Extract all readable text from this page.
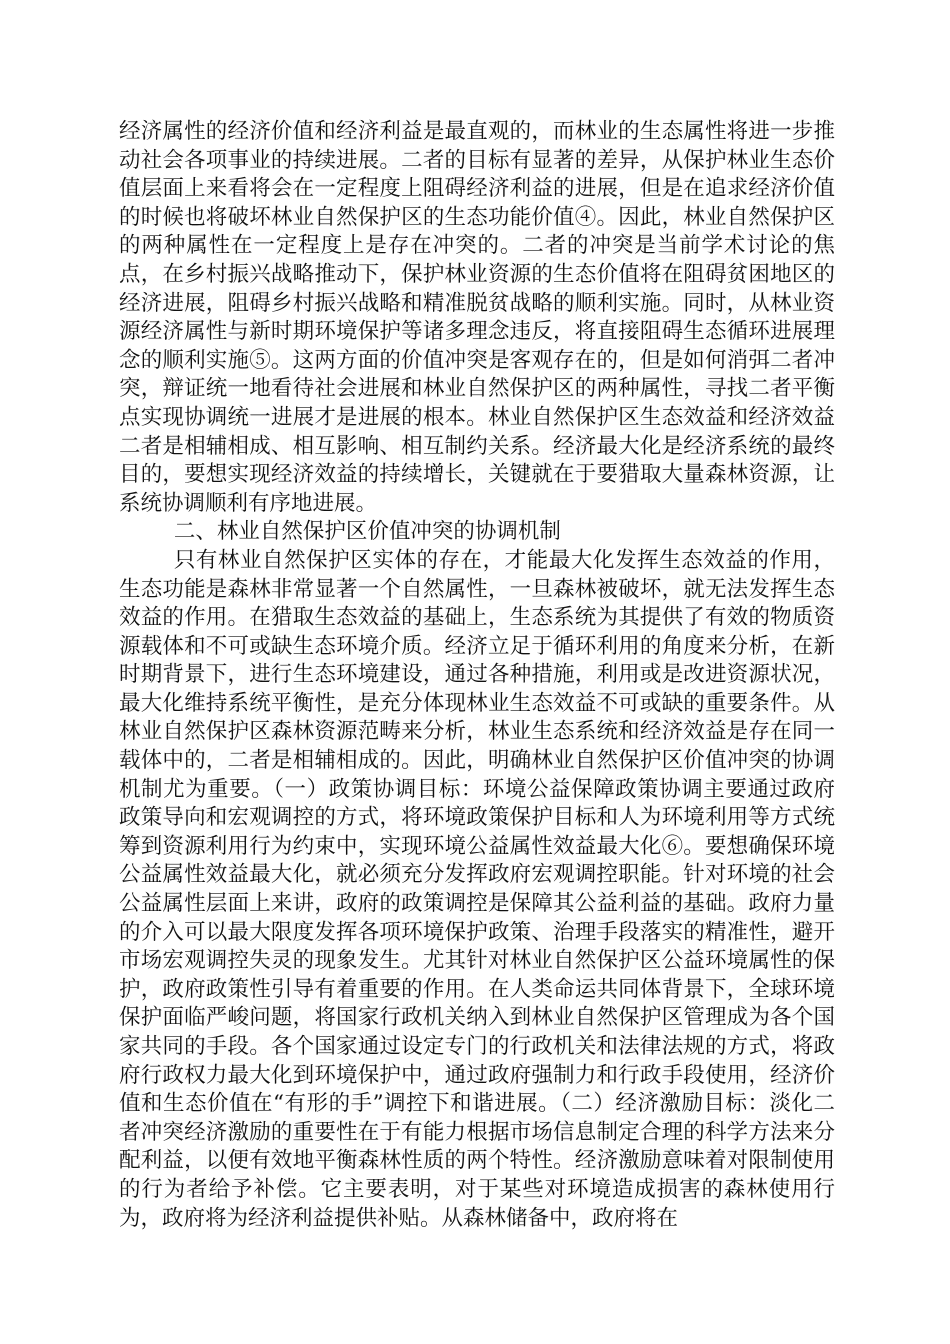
经济属性的经济价值和经济利益是最直观的，而林业的生态属性将进一步推动社会各项事业的持续进展。二者的目标有显著的差异，从保护林业生态价值层面上来看将会在一定程度上阻碍经济利益的进展，但是在追求经济价值的时候也将破坏林业自然保护区的生态功能价值④。因此，林业自然保护区的两种属性在一定程度上是存在冲突的。二者的冲突是当前学术讨论的焦点，在乡村振兴战略推动下，保护林业资源的生态价值将在阻碍贫困地区的经济进展，阻碍乡村振兴战略和精准脱贫战略的顺利实施。同时，从林业资源经济属性与新时期环境保护等诸多理念违反，将直接阻碍生态循环进展理念的顺利实施⑤。这两方面的价值冲突是客观存在的，但是如何消弭二者冲突，辩证统一地看待社会进展和林业自然保护区的两种属性，寻找二者平衡点实现协调统一进展才是进展的根本。林业自然保护区生态效益和经济效益二者是相辅相成、相互影响、相互制约关系。经济最大化是经济系统的最终目的，要想实现经济效益的持续增长，关键就在于要猎取大量森林资源，让系统协调顺利有序地进展。

二、林业自然保护区价值冲突的协调机制

只有林业自然保护区实体的存在，才能最大化发挥生态效益的作用，生态功能是森林非常显著一个自然属性，一旦森林被破坏，就无法发挥生态效益的作用。在猎取生态效益的基础上，生态系统为其提供了有效的物质资源载体和不可或缺生态环境介质。经济立足于循环利用的角度来分析，在新时期背景下，进行生态环境建设，通过各种措施，利用或是改进资源状况，最大化维持系统平衡性，是充分体现林业生态效益不可或缺的重要条件。从林业自然保护区森林资源范畴来分析，林业生态系统和经济效益是存在同一载体中的，二者是相辅相成的。因此，明确林业自然保护区价值冲突的协调机制尤为重要。（一）政策协调目标：环境公益保障政策协调主要通过政府政策导向和宏观调控的方式，将环境政策保护目标和人为环境利用等方式统筹到资源利用行为约束中，实现环境公益属性效益最大化⑥。要想确保环境公益属性效益最大化，就必须充分发挥政府宏观调控职能。针对环境的社会公益属性层面上来讲，政府的政策调控是保障其公益利益的基础。政府力量的介入可以最大限度发挥各项环境保护政策、治理手段落实的精准性，避开市场宏观调控失灵的现象发生。尤其针对林业自然保护区公益环境属性的保护，政府政策性引导有着重要的作用。在人类命运共同体背景下，全球环境保护面临严峻问题，将国家行政机关纳入到林业自然保护区管理成为各个国家共同的手段。各个国家通过设定专门的行政机关和法律法规的方式，将政府行政权力最大化到环境保护中，通过政府强制力和行政手段使用，经济价值和生态价值在“有形的手”调控下和谐进展。（二）经济激励目标：淡化二者冲突经济激励的重要性在于有能力根据市场信息制定合理的科学方法来分配利益，以便有效地平衡森林性质的两个特性。经济激励意味着对限制使用的行为者给予补偿。它主要表明，对于某些对环境造成损害的森林使用行为，政府将为经济利益提供补贴。从森林储备中，政府将在
